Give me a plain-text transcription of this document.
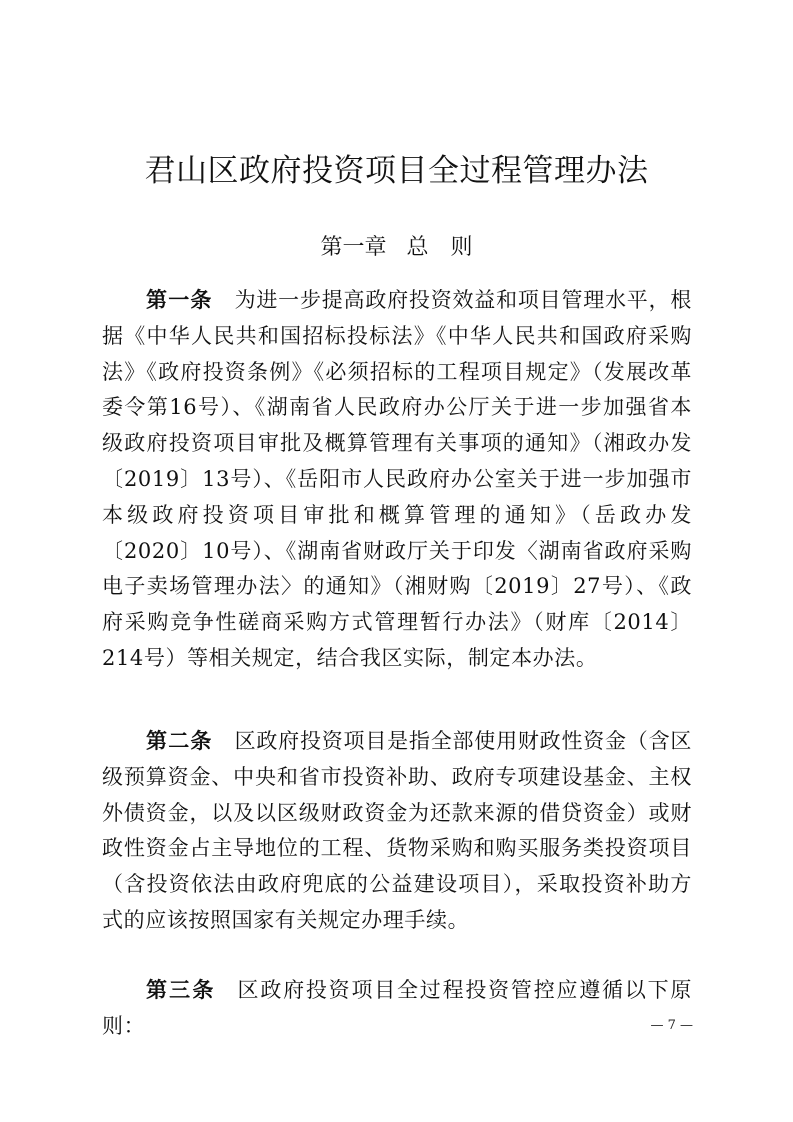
君山区政府投资项目全过程管理办法
第一章 总　则

第一条 为进一步提高政府投资效益和项目管理水平，根据《中华人民共和国招标投标法》《中华人民共和国政府采购法》《政府投资条例》《必须招标的工程项目规定》（发展改革委令第16号）、《湖南省人民政府办公厅关于进一步加强省本级政府投资项目审批及概算管理有关事项的通知》（湘政办发〔2019〕13号）、《岳阳市人民政府办公室关于进一步加强市本级政府投资项目审批和概算管理的通知》（岳政办发〔2020〕10号）、《湖南省财政厅关于印发〈湖南省政府采购电子卖场管理办法〉的通知》（湘财购〔2019〕27号）、《政府采购竞争性磋商采购方式管理暂行办法》（财库〔2014〕214号）等相关规定，结合我区实际，制定本办法。

第二条 区政府投资项目是指全部使用财政性资金（含区级预算资金、中央和省市投资补助、政府专项建设基金、主权外债资金，以及以区级财政资金为还款来源的借贷资金）或财政性资金占主导地位的工程、货物采购和购买服务类投资项目（含投资依法由政府兜底的公益建设项目），采取投资补助方式的应该按照国家有关规定办理手续。

第三条 区政府投资项目全过程投资管控应遵循以下原则：	— 7 —
